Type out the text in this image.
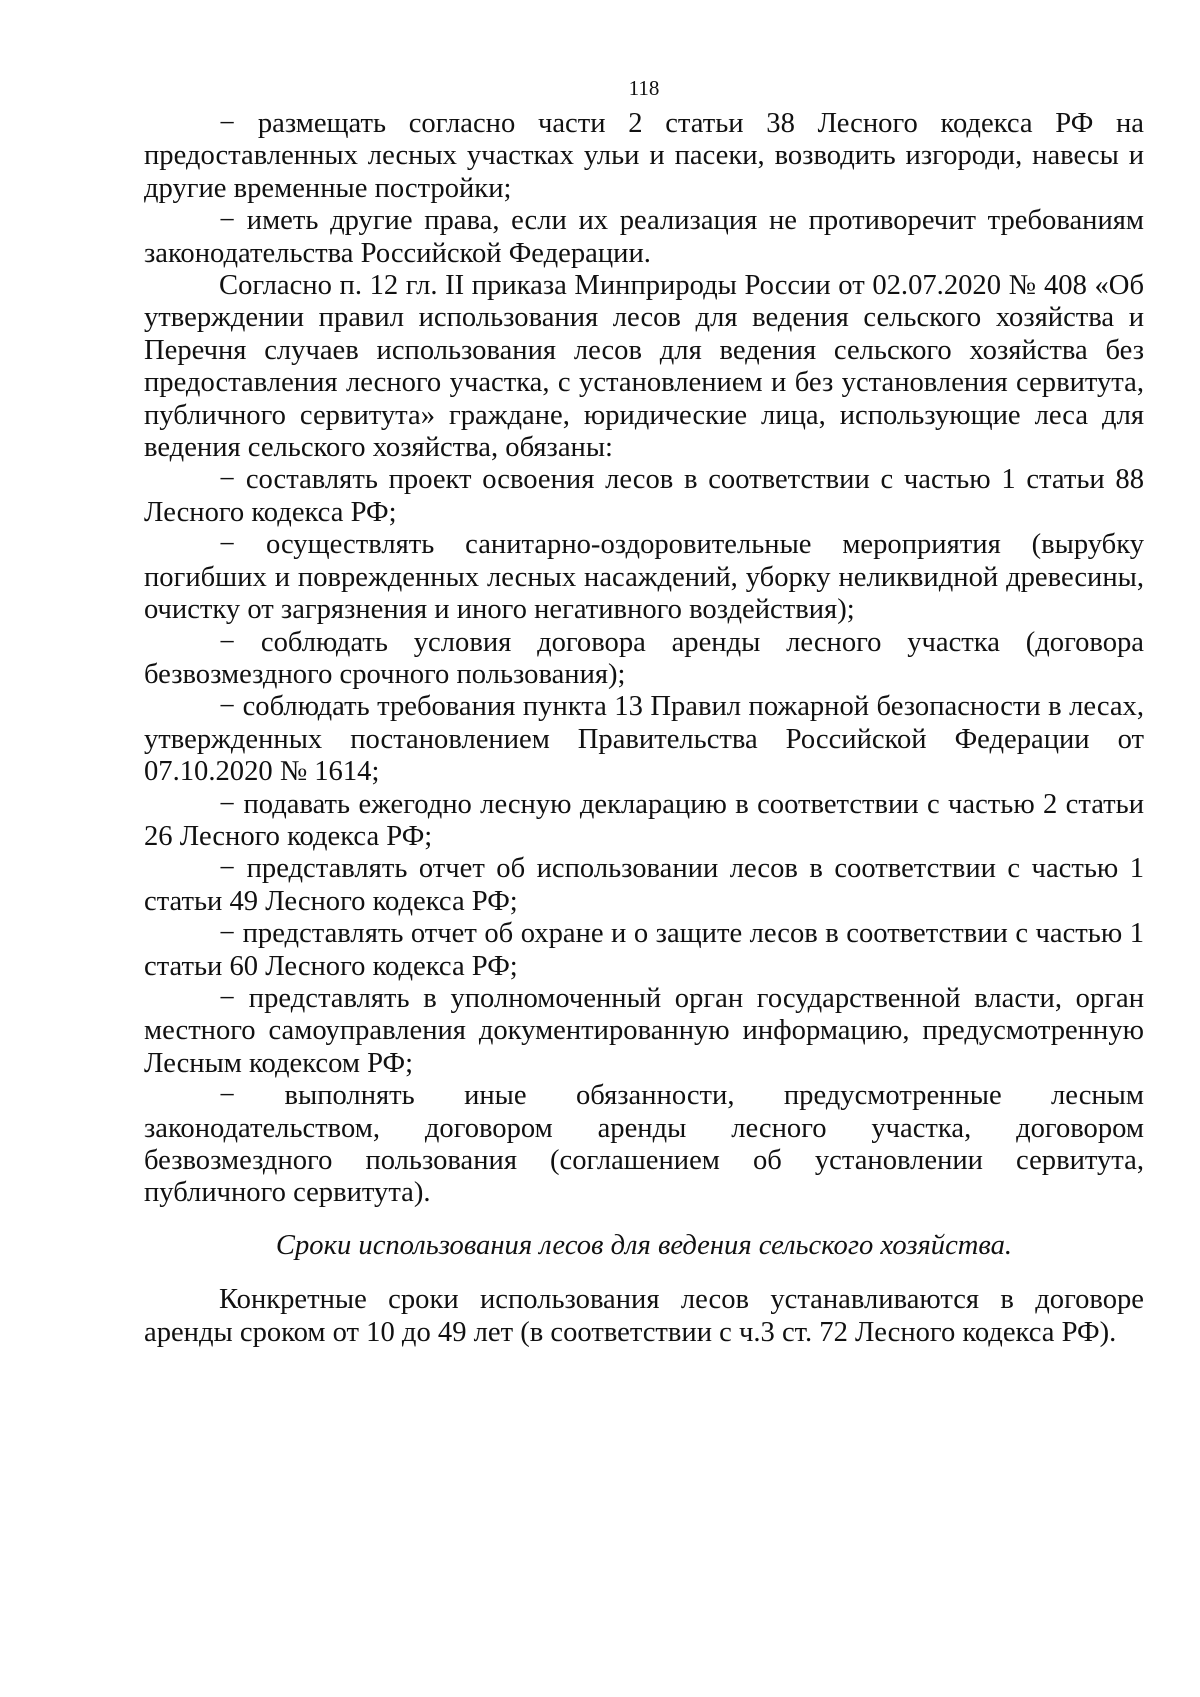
118

− размещать согласно части 2 статьи 38 Лесного кодекса РФ на предоставленных лесных участках ульи и пасеки, возводить изгороди, навесы и другие временные постройки;

− иметь другие права, если их реализация не противоречит требованиям законодательства Российской Федерации.

Согласно п. 12 гл. II приказа Минприроды России от 02.07.2020 № 408 «Об утверждении правил использования лесов для ведения сельского хозяйства и Перечня случаев использования лесов для ведения сельского хозяйства без предоставления лесного участка, с установлением и без установления сервитута, публичного сервитута» граждане, юридические лица, использующие леса для ведения сельского хозяйства, обязаны:

− составлять проект освоения лесов в соответствии с частью 1 статьи 88 Лесного кодекса РФ;

− осуществлять санитарно-оздоровительные мероприятия (вырубку погибших и поврежденных лесных насаждений, уборку неликвидной древесины, очистку от загрязнения и иного негативного воздействия);

− соблюдать условия договора аренды лесного участка (договора безвозмездного срочного пользования);

− соблюдать требования пункта 13 Правил пожарной безопасности в лесах, утвержденных постановлением Правительства Российской Федерации от 07.10.2020 № 1614;

− подавать ежегодно лесную декларацию в соответствии с частью 2 статьи 26 Лесного кодекса РФ;

− представлять отчет об использовании лесов в соответствии с частью 1 статьи 49 Лесного кодекса РФ;

− представлять отчет об охране и о защите лесов в соответствии с частью 1 статьи 60 Лесного кодекса РФ;

− представлять в уполномоченный орган государственной власти, орган местного самоуправления документированную информацию, предусмотренную Лесным кодексом РФ;

− выполнять иные обязанности, предусмотренные лесным законодательством, договором аренды лесного участка, договором безвозмездного пользования (соглашением об установлении сервитута, публичного сервитута).

Сроки использования лесов для ведения сельского хозяйства.

Конкретные сроки использования лесов устанавливаются в договоре аренды сроком от 10 до 49 лет (в соответствии с ч.3 ст. 72 Лесного кодекса РФ).
